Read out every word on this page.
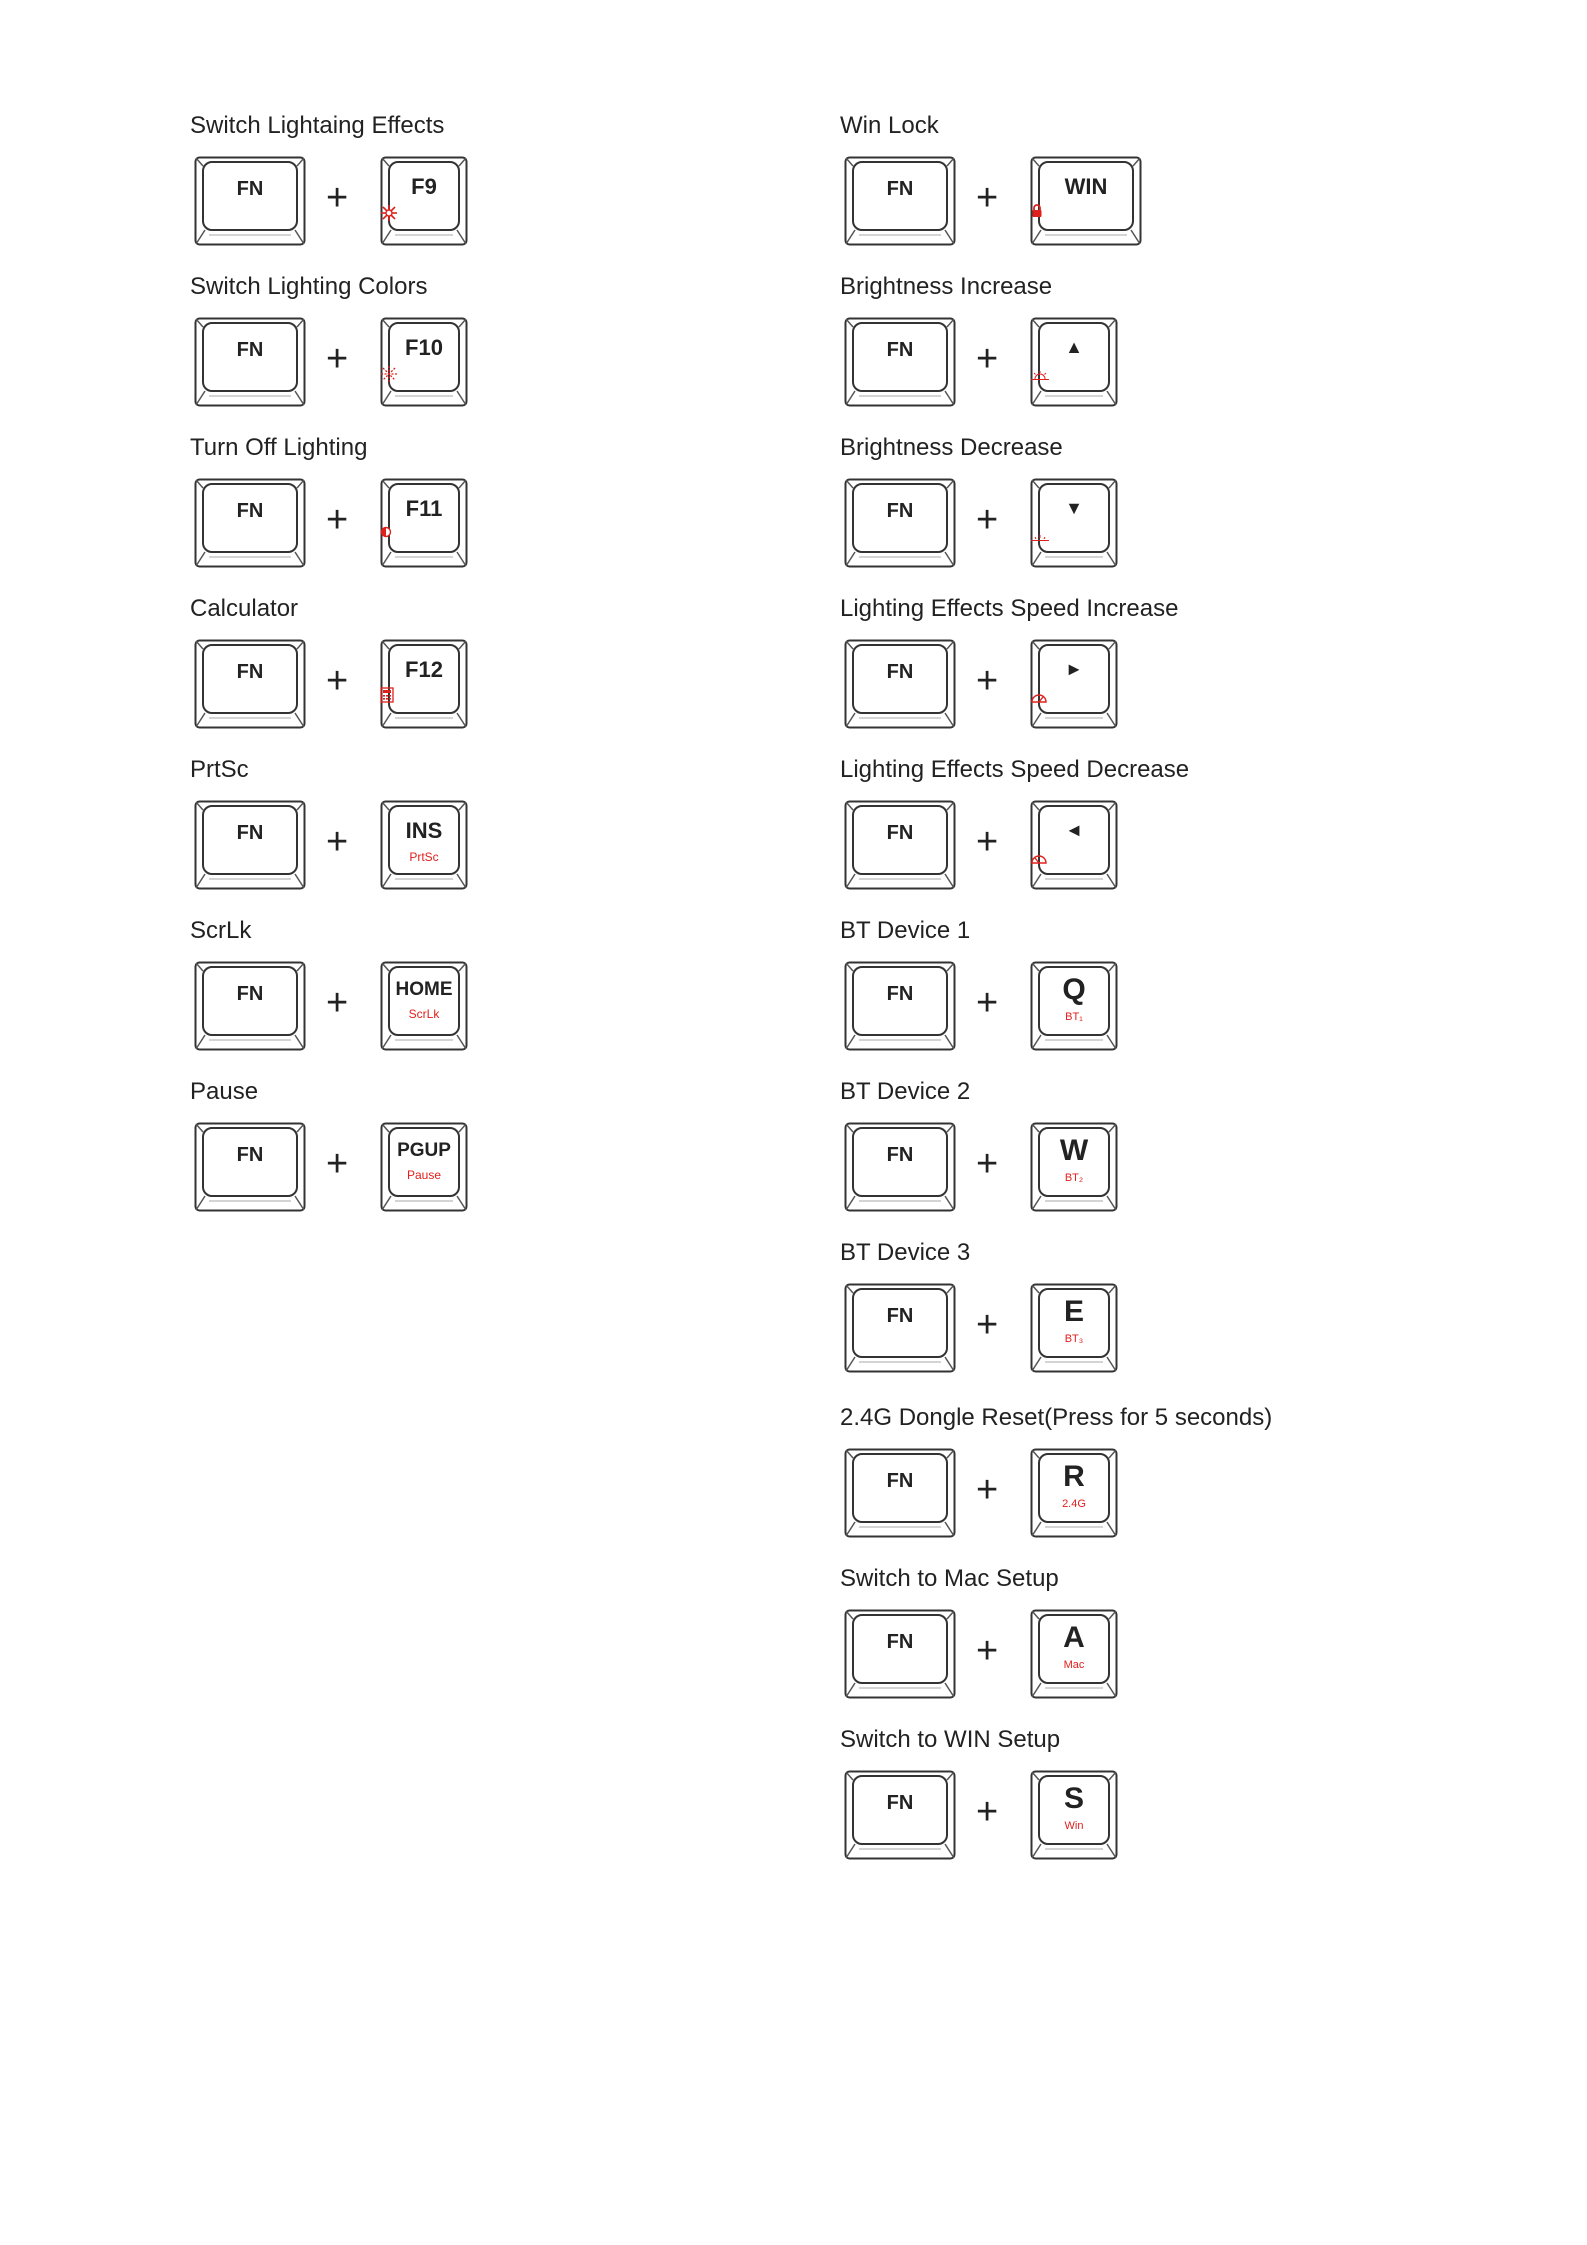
Switch Lightaing Effects
FN	+	F9
Switch Lighting Colors
FN	+	F10
Turn Off Lighting
FN	+	F11
Calculator
FN	+	F12
PrtSc
FN	+	INS
PrtSc
ScrLk
FN	+	HOME
ScrLk
Pause
FN	+	PGUP
Pause
Win Lock
FN	+	WIN
Brightness Increase
FN	+	▲
Brightness Decrease
FN	+	▼
Lighting Effects Speed Increase
FN	+	►
Lighting Effects Speed Decrease
FN	+	◄
BT Device 1
FN	+	Q
BT₁
BT Device 2
FN	+	W
BT₂
BT Device 3
FN	+	E
BT₃
2.4G Dongle Reset(Press for 5 seconds)
FN	+	R
2.4G
Switch to Mac Setup
FN	+	A
Mac
Switch to WIN Setup
FN	+	S
Win
